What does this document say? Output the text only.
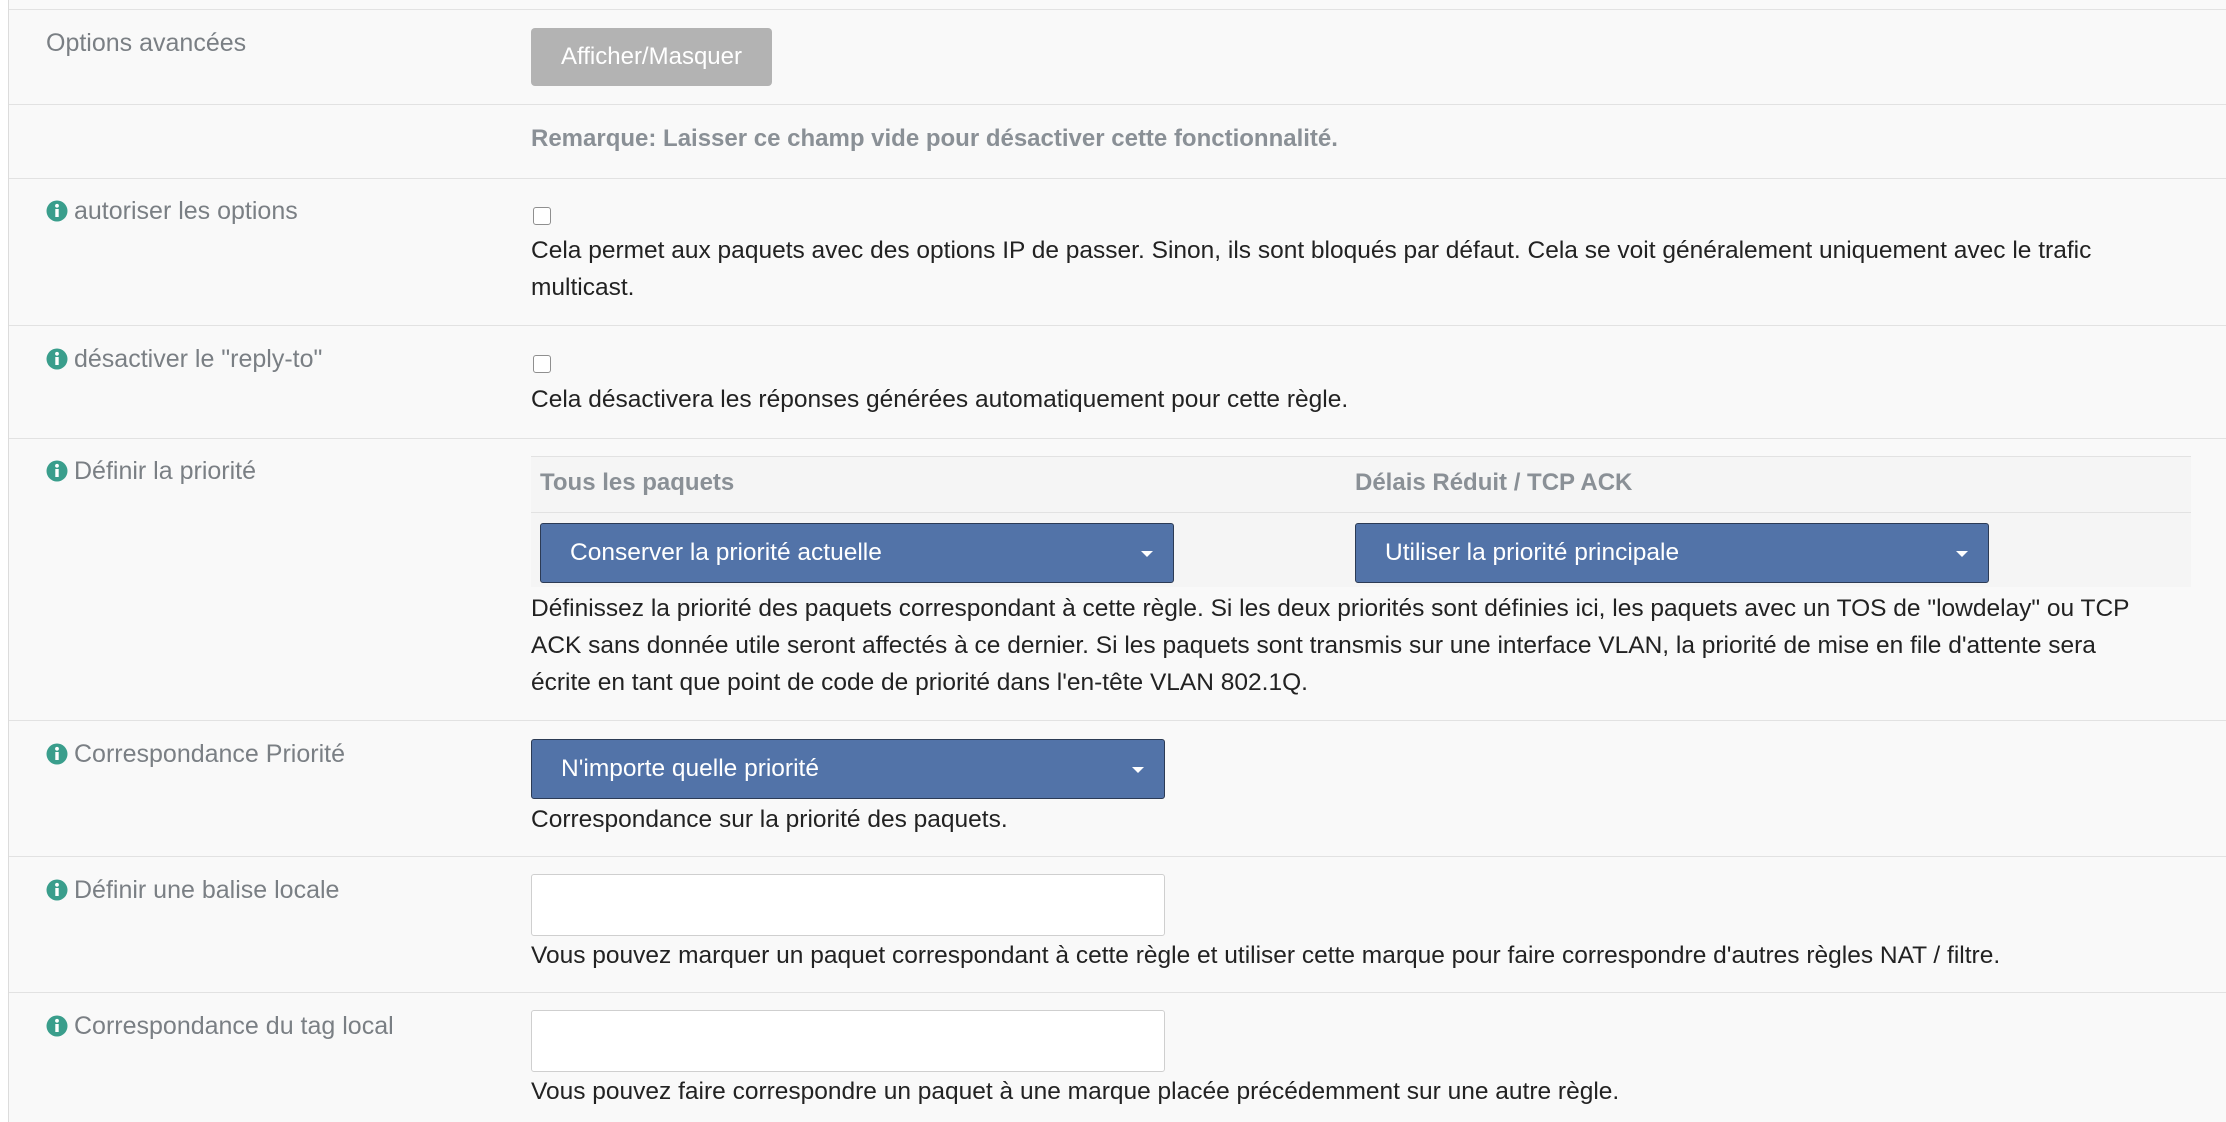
Options avancées	Afficher/Masquer
Remarque: Laisser ce champ vide pour désactiver cette fonctionnalité.
autoriser les options
Cela permet aux paquets avec des options IP de passer. Sinon, ils sont bloqués par défaut. Cela se voit généralement uniquement avec le trafic
multicast.
désactiver le "reply-to"
Cela désactivera les réponses générées automatiquement pour cette règle.
Définir la priorité	Tous les paquets	Délais Réduit / TCP ACK
Conserver la priorité actuelle	Utiliser la priorité principale
Définissez la priorité des paquets correspondant à cette règle. Si les deux priorités sont définies ici, les paquets avec un TOS de "lowdelay" ou TCP
ACK sans donnée utile seront affectés à ce dernier. Si les paquets sont transmis sur une interface VLAN, la priorité de mise en file d'attente sera
écrite en tant que point de code de priorité dans l'en-tête VLAN 802.1Q.
Correspondance Priorité
N'importe quelle priorité
Correspondance sur la priorité des paquets.
Définir une balise locale
Vous pouvez marquer un paquet correspondant à cette règle et utiliser cette marque pour faire correspondre d'autres règles NAT / filtre.
Correspondance du tag local
Vous pouvez faire correspondre un paquet à une marque placée précédemment sur une autre règle.
